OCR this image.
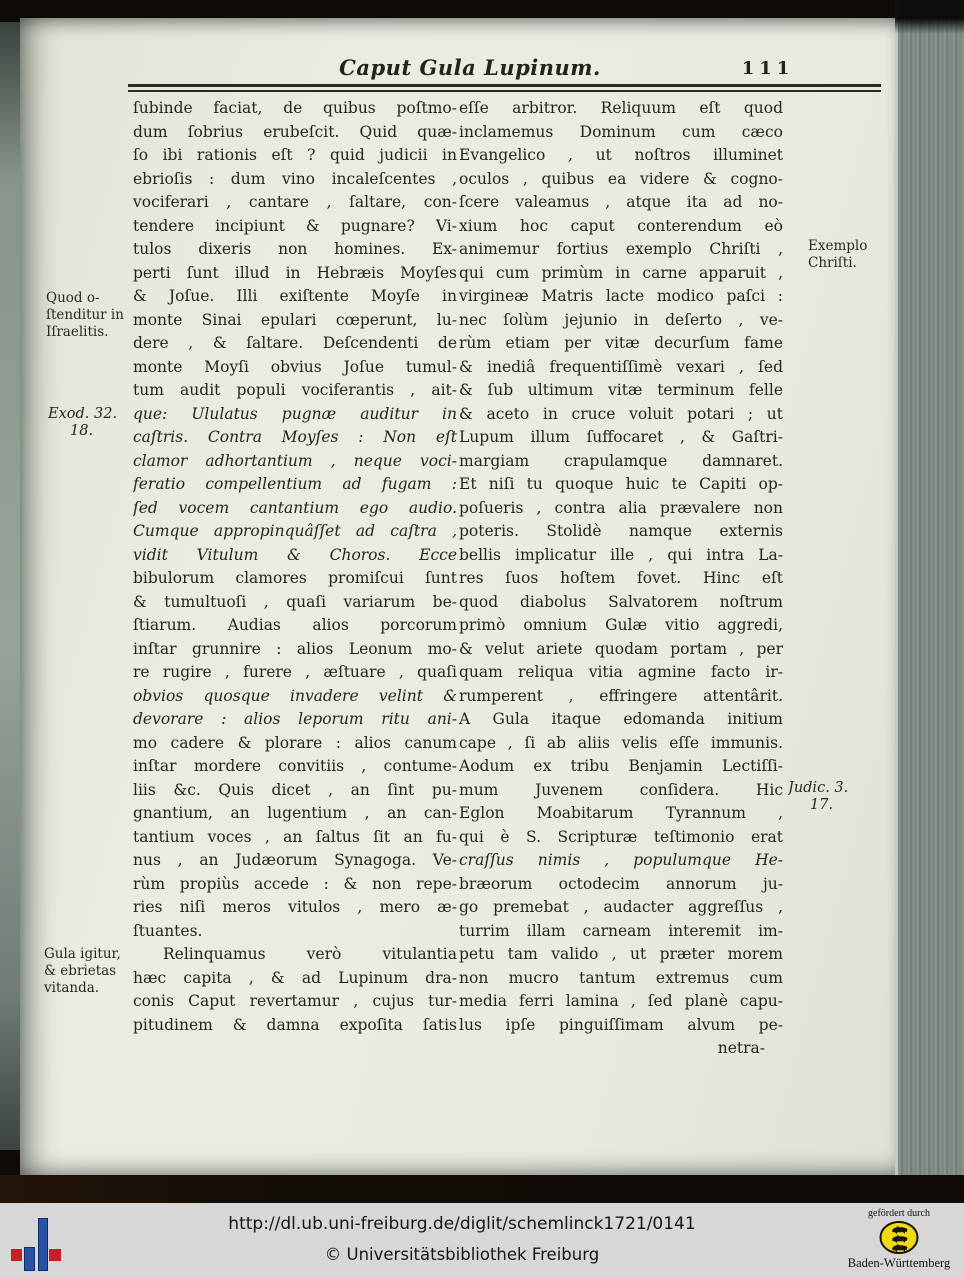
Caput Gula Lupinum.	111
ſubinde faciat, de quibus poſtmo-
dum ſobrius erubeſcit. Quid quæ-
ſo ibi rationis eſt ? quid judicii in
ebrioſis : dum vino incaleſcentes ,
vociferari , cantare , ſaltare, con-
tendere incipiunt & pugnare? Vi-
tulos dixeris non homines. Ex-
perti ſunt illud in Hebræis Moyſes
& Joſue. Illi exiſtente Moyſe in
monte Sinai epulari cœperunt, lu-
dere , & ſaltare. Deſcendenti de
monte Moyſi obvius Joſue tumul-
tum audit populi vociferantis , ait-
que: Ululatus pugnæ auditur in
caſtris. Contra Moyſes : Non eſt
clamor adhortantium , neque voci-
feratio compellentium ad fugam :
ſed vocem cantantium ego audio.
Cumque appropinquâſſet ad caſtra ,
vidit Vitulum & Choros. Ecce
bibulorum clamores promiſcui ſunt
& tumultuoſi , quaſi variarum be-
ſtiarum. Audias alios porcorum
inſtar grunnire : alios Leonum mo-
re rugire , furere , æſtuare , quaſi
obvios quosque invadere velint &
devorare : alios leporum ritu ani-
mo cadere & plorare : alios canum
inſtar mordere convitiis , contume-
liis &c. Quis dicet , an ſint pu-
gnantium, an lugentium , an can-
tantium voces , an ſaltus ſit an fu-
nus , an Judæorum Synagoga. Ve-
rùm propiùs accede : & non repe-
ries niſi meros vitulos , mero æ-
ſtuantes.
Relinquamus verò vitulantia
hæc capita , & ad Lupinum dra-
conis Caput revertamur , cujus tur-
pitudinem & damna expoſita ſatis
eſſe arbitror. Reliquum eſt quod
inclamemus Dominum cum cæco
Evangelico , ut noſtros illuminet
oculos , quibus ea videre & cogno-
ſcere valeamus , atque ita ad no-
xium hoc caput conterendum eò
animemur fortius exemplo Chriſti ,
qui cum primùm in carne apparuit ,
virgineæ Matris lacte modico paſci :
nec ſolùm jejunio in deſerto , ve-
rùm etiam per vitæ decurſum fame
& inediâ frequentiſſimè vexari , ſed
& ſub ultimum vitæ terminum felle
& aceto in cruce voluit potari ; ut
Lupum illum ſuffocaret , & Gaſtri-
margiam crapulamque damnaret.
Et niſi tu quoque huic te Capiti op-
poſueris , contra alia prævalere non
poteris. Stolidè namque externis
bellis implicatur ille , qui intra La-
res ſuos hoſtem fovet. Hinc eſt
quod diabolus Salvatorem noſtrum
primò omnium Gulæ vitio aggredi,
& velut ariete quodam portam , per
quam reliqua vitia agmine facto ir-
rumperent , effringere attentârit.
A Gula itaque edomanda initium
cape , ſi ab aliis velis eſſe immunis.
Aodum ex tribu Benjamin Lectiſſi-
mum Juvenem conſidera. Hic
Eglon Moabitarum Tyrannum ,
qui è S. Scripturæ teſtimonio erat
craſſus nimis , populumque He-
bræorum octodecim annorum ju-
go premebat , audacter aggreſſus ,
turrim illam carneam interemit im-
petu tam valido , ut præter morem
non mucro tantum extremus cum
media ferri lamina , ſed planè capu-
lus ipſe pinguiſſimam alvum pe-
netra-
Quod o-
ſtenditur in
Iſraelitis.
Exod. 32.
18.
Gula igitur,
& ebrietas
vitanda.
Exemplo
Chriſti.
Judic. 3.
17.
http://dl.ub.uni-freiburg.de/diglit/schemlinck1721/0141
© Universitätsbibliothek Freiburg
gefördert durch
Baden-Württemberg
